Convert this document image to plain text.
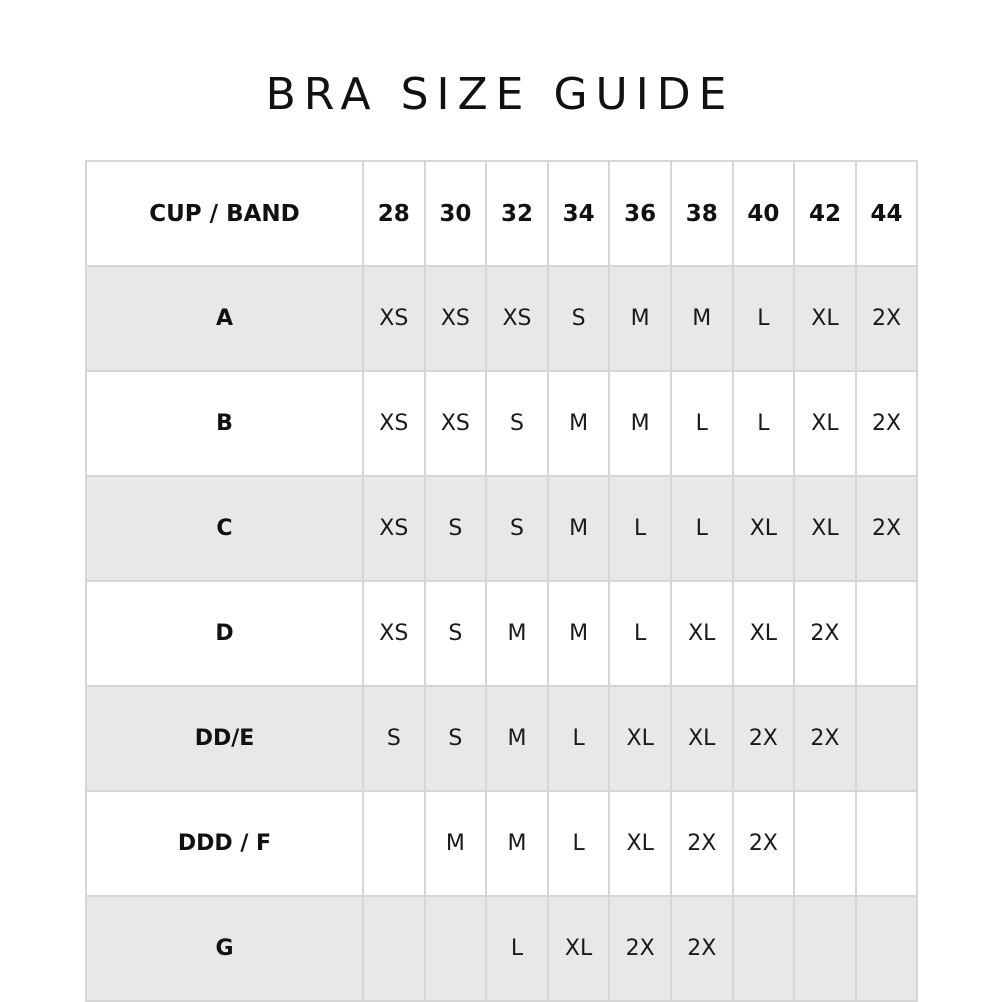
BRA SIZE GUIDE
CUP / BAND	28	30	32	34	36	38	40	42	44
A	XS	XS	XS	S	M	M	L	XL	2X
B	XS	XS	S	M	M	L	L	XL	2X
C	XS	S	S	M	L	L	XL	XL	2X
D	XS	S	M	M	L	XL	XL	2X	
DD/E	S	S	M	L	XL	XL	2X	2X	
DDD / F		M	M	L	XL	2X	2X		
G			L	XL	2X	2X			
